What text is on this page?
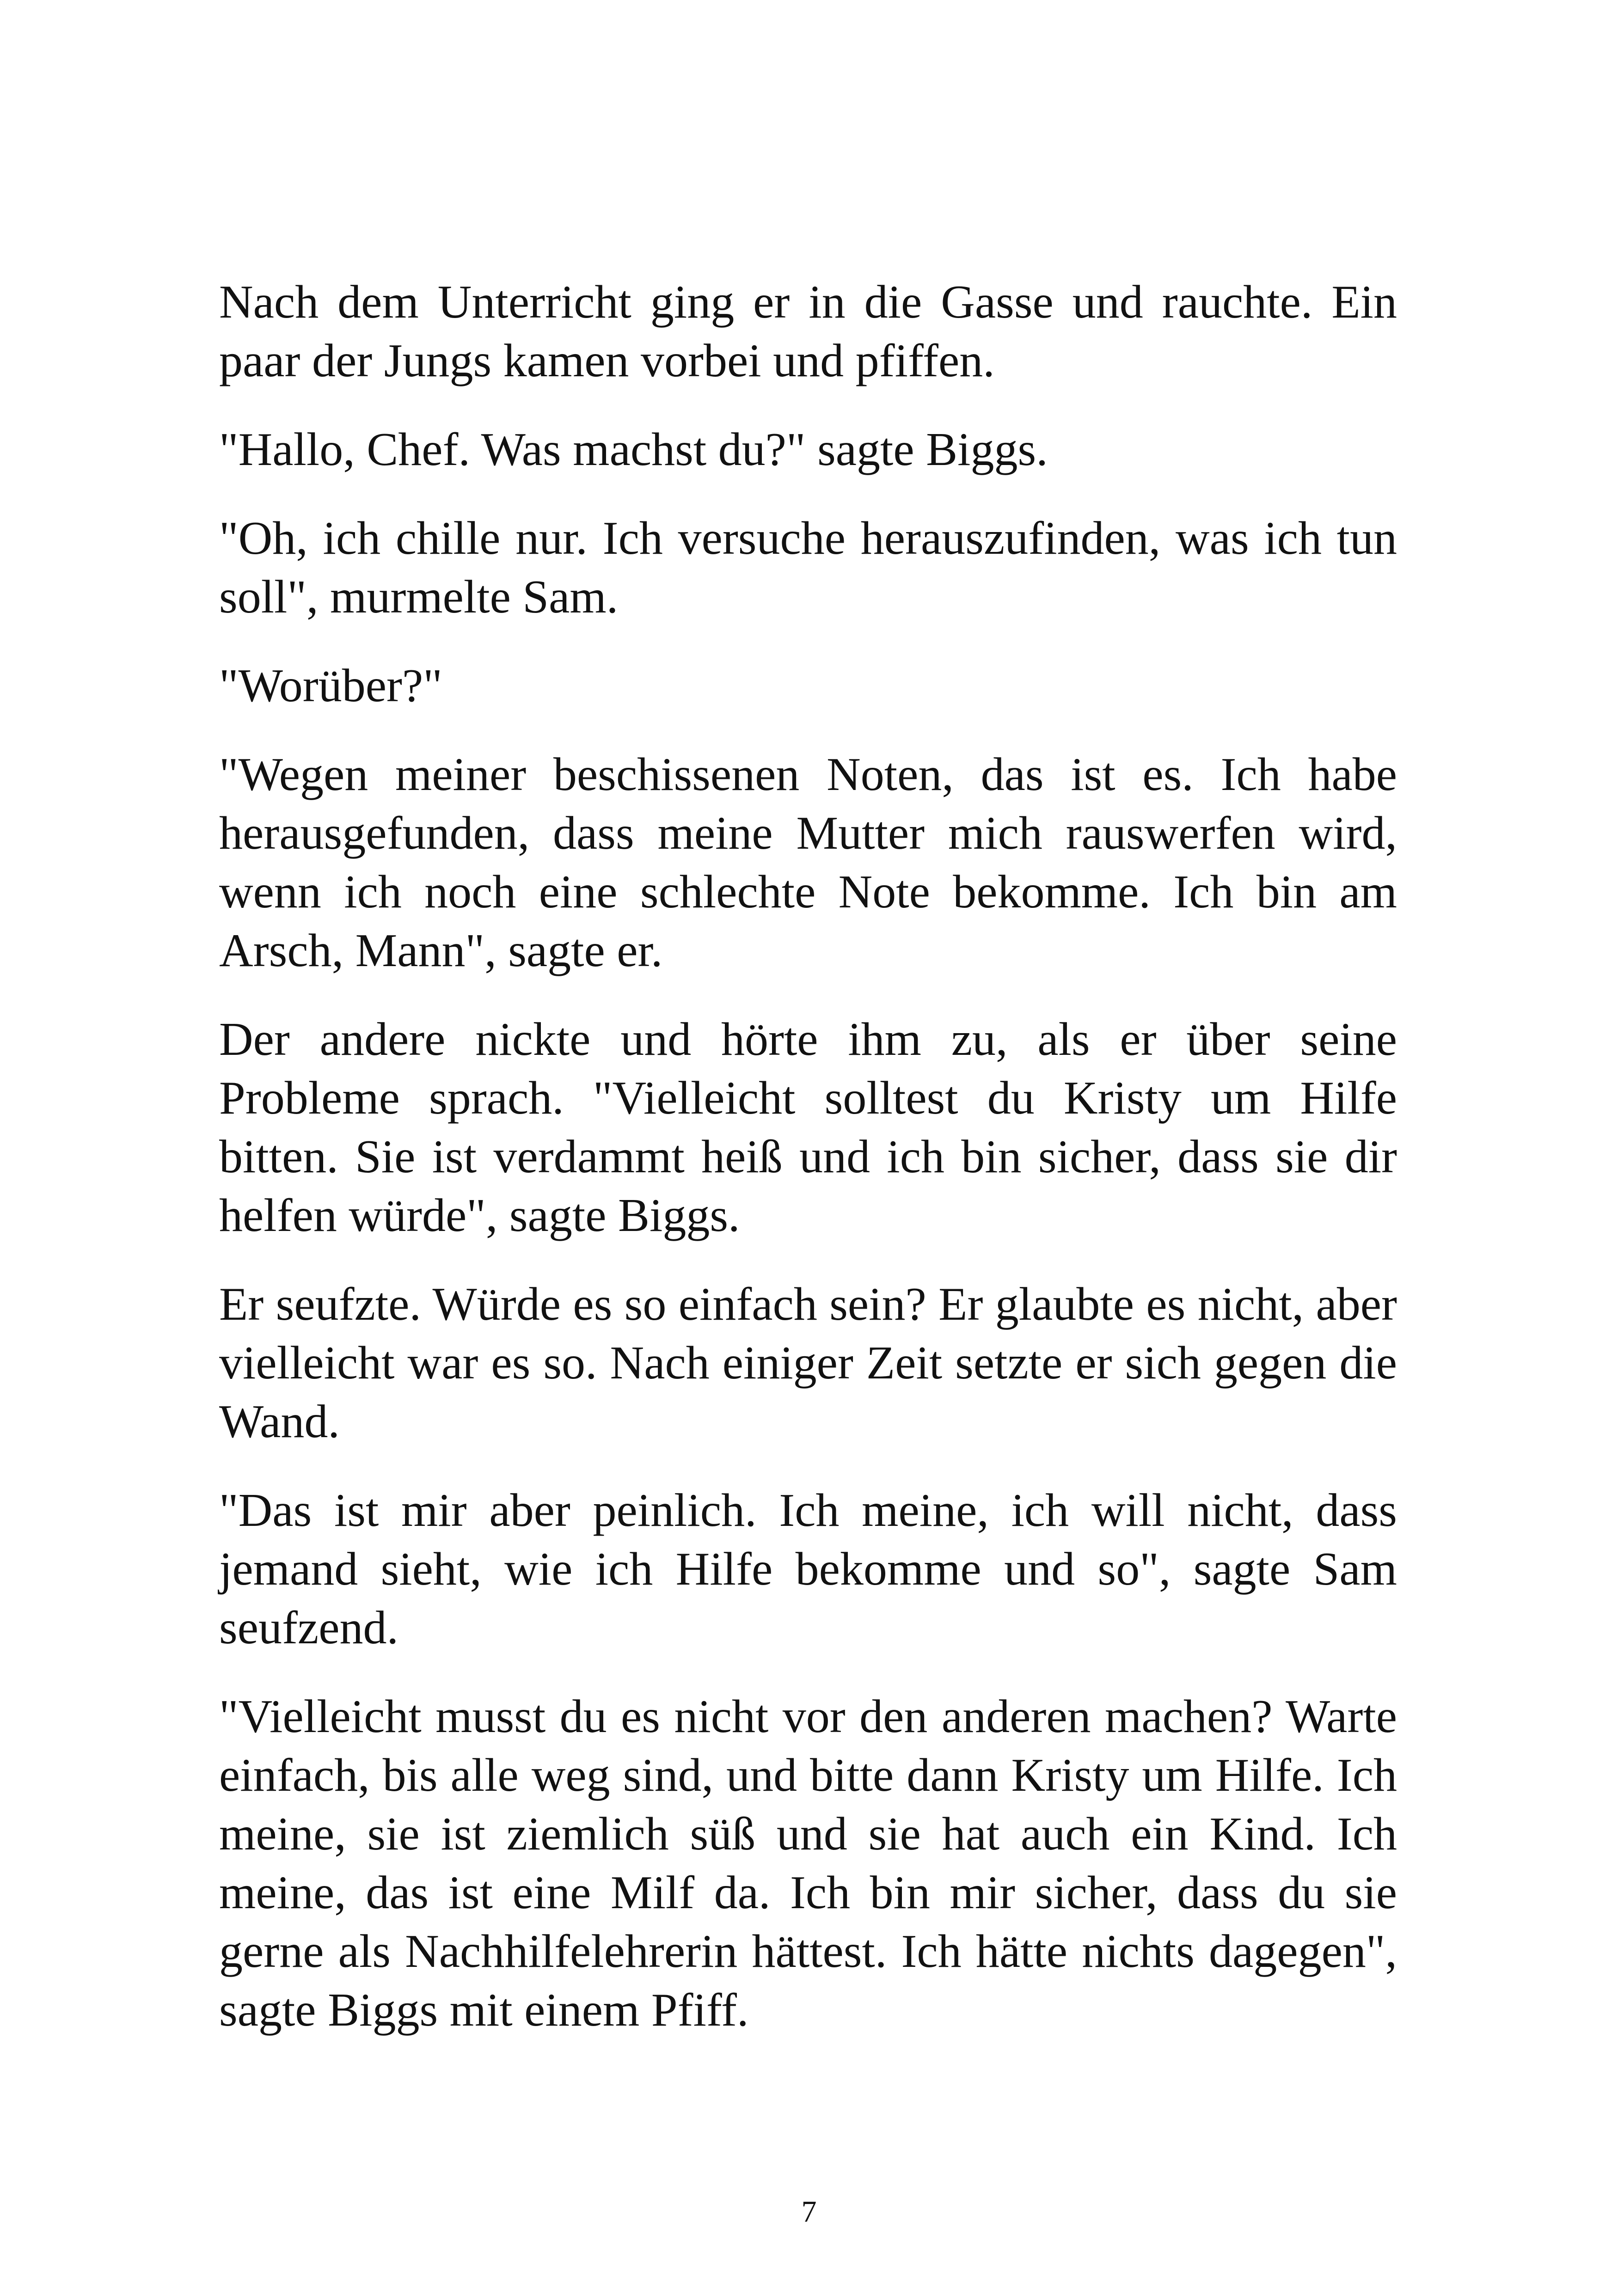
Nach dem Unterricht ging er in die Gasse und rauchte. Ein paar der Jungs kamen vorbei und pfiffen.

"Hallo, Chef. Was machst du?" sagte Biggs.

"Oh, ich chille nur. Ich versuche herauszufinden, was ich tun soll", murmelte Sam.

"Worüber?"

"Wegen meiner beschissenen Noten, das ist es. Ich habe herausgefunden, dass meine Mutter mich rauswerfen wird, wenn ich noch eine schlechte Note bekomme. Ich bin am Arsch, Mann", sagte er.

Der andere nickte und hörte ihm zu, als er über seine Probleme sprach. "Vielleicht solltest du Kristy um Hilfe bitten. Sie ist verdammt heiß und ich bin sicher, dass sie dir helfen würde", sagte Biggs.

Er seufzte. Würde es so einfach sein? Er glaubte es nicht, aber vielleicht war es so. Nach einiger Zeit setzte er sich gegen die Wand.

"Das ist mir aber peinlich. Ich meine, ich will nicht, dass jemand sieht, wie ich Hilfe bekomme und so", sagte Sam seufzend.

"Vielleicht musst du es nicht vor den anderen machen? Warte einfach, bis alle weg sind, und bitte dann Kristy um Hilfe. Ich meine, sie ist ziemlich süß und sie hat auch ein Kind. Ich meine, das ist eine Milf da. Ich bin mir sicher, dass du sie gerne als Nachhilfelehrerin hättest. Ich hätte nichts dagegen", sagte Biggs mit einem Pfiff.

7
